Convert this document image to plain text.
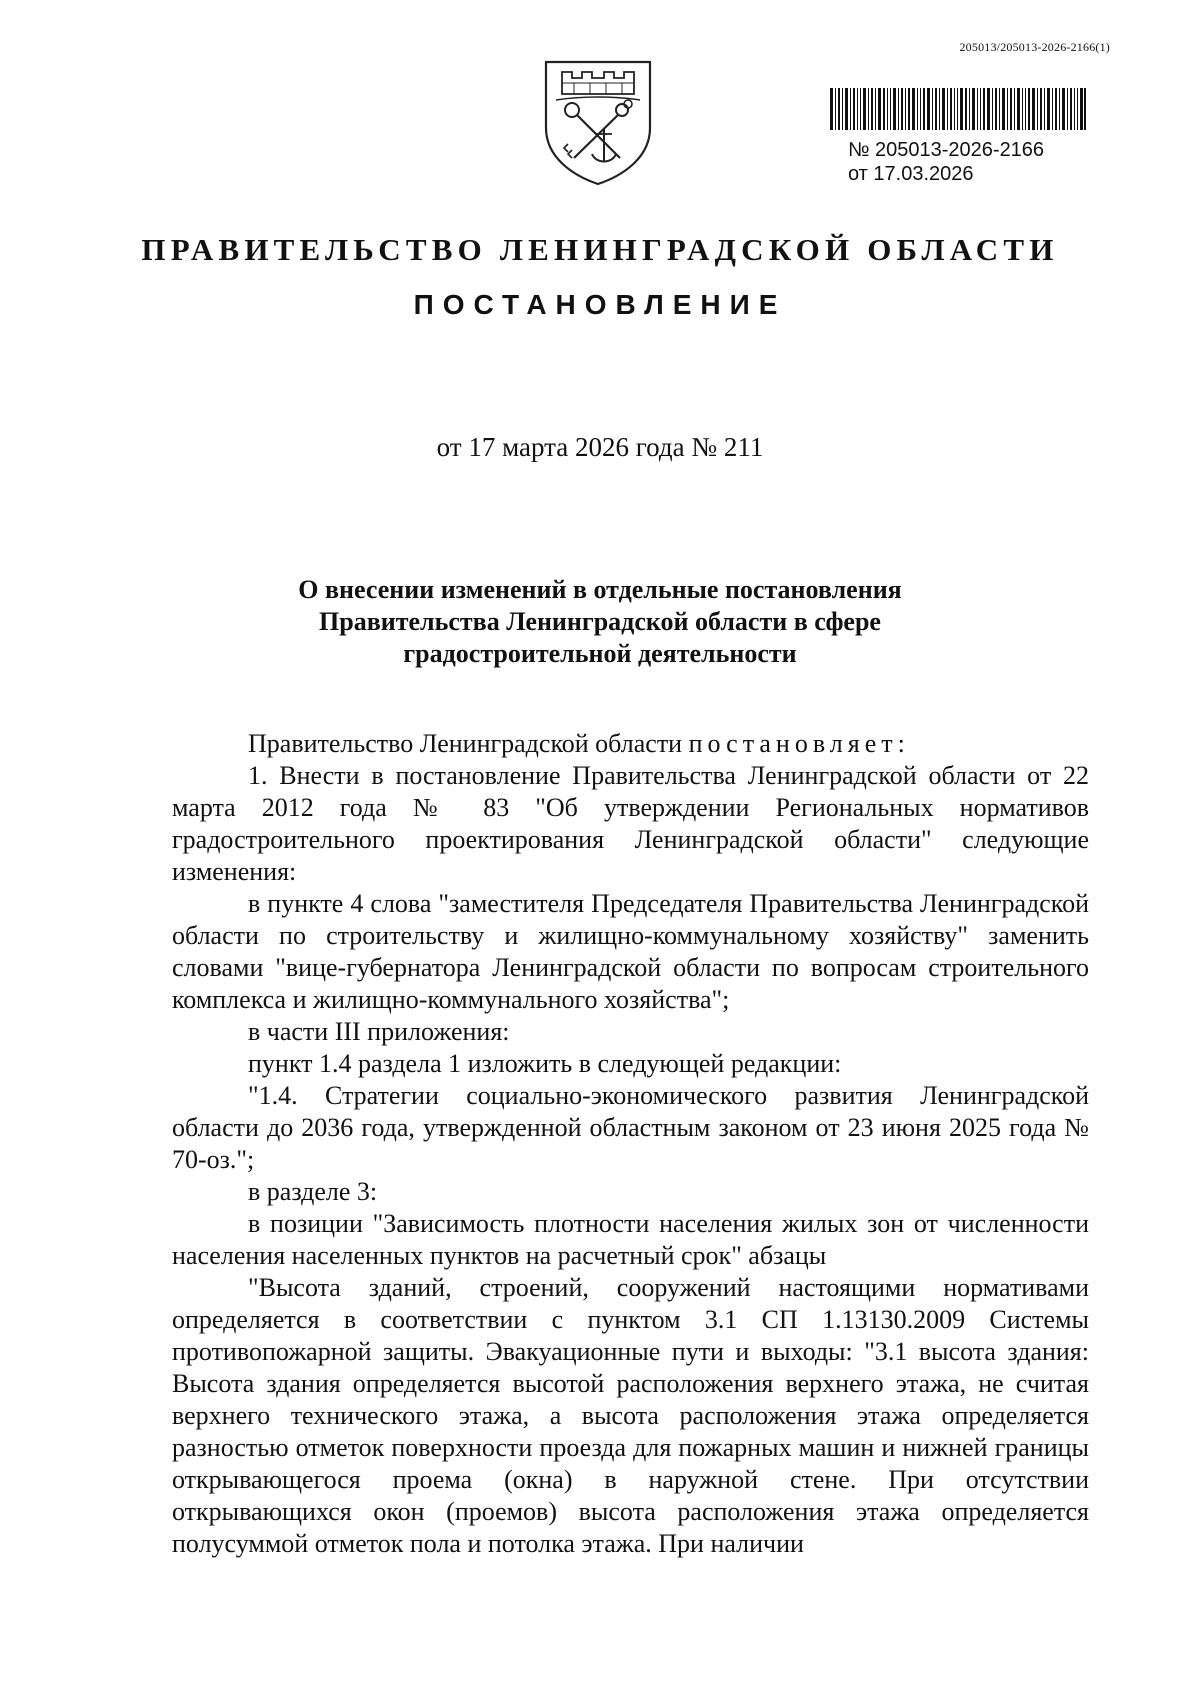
205013/205013-2026-2166(1)
№ 205013-2026-2166
от 17.03.2026
ПРАВИТЕЛЬСТВО ЛЕНИНГРАДСКОЙ ОБЛАСТИ
ПОСТАНОВЛЕНИЕ
от 17 марта 2026 года № 211
О внесении изменений в отдельные постановления
Правительства Ленинградской области в сфере
градостроительной деятельности

Правительство Ленинградской области постановляет:

1. Внести в постановление Правительства Ленинградской области от 22 марта 2012 года № 83 "Об утверждении Региональных нормативов градостроительного проектирования Ленинградской области" следующие изменения:

в пункте 4 слова "заместителя Председателя Правительства Ленинградской области по строительству и жилищно-коммунальному хозяйству" заменить словами "вице-губернатора Ленинградской области по вопросам строительного комплекса и жилищно-коммунального хозяйства";

в части III приложения:

пункт 1.4 раздела 1 изложить в следующей редакции:

"1.4. Стратегии социально-экономического развития Ленинградской области до 2036 года, утвержденной областным законом от 23 июня 2025 года № 70-оз.";

в разделе 3:

в позиции "Зависимость плотности населения жилых зон от численности населения населенных пунктов на расчетный срок" абзацы

"Высота зданий, строений, сооружений настоящими нормативами определяется в соответствии с пунктом 3.1 СП 1.13130.2009 Системы противопожарной защиты. Эвакуационные пути и выходы: "3.1 высота здания: Высота здания определяется высотой расположения верхнего этажа, не считая верхнего технического этажа, а высота расположения этажа определяется разностью отметок поверхности проезда для пожарных машин и нижней границы открывающегося проема (окна) в наружной стене. При отсутствии открывающихся окон (проемов) высота расположения этажа определяется полусуммой отметок пола и потолка этажа. При наличии
